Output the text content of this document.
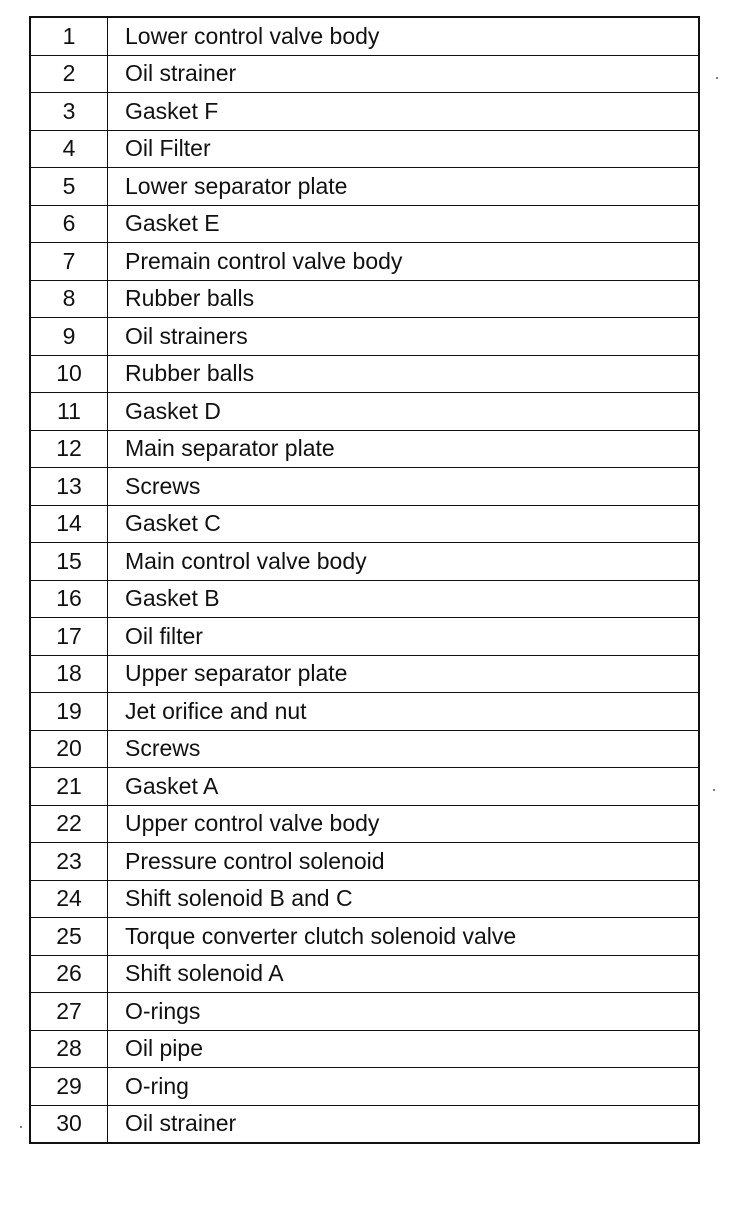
1	Lower control valve body
2	Oil strainer
3	Gasket F
4	Oil Filter
5	Lower separator plate
6	Gasket E
7	Premain control valve body
8	Rubber balls
9	Oil strainers
10	Rubber balls
11	Gasket D
12	Main separator plate
13	Screws
14	Gasket C
15	Main control valve body
16	Gasket B
17	Oil filter
18	Upper separator plate
19	Jet orifice and nut
20	Screws
21	Gasket A
22	Upper control valve body
23	Pressure control solenoid
24	Shift solenoid B and C
25	Torque converter clutch solenoid valve
26	Shift solenoid A
27	O-rings
28	Oil pipe
29	O-ring
30	Oil strainer
